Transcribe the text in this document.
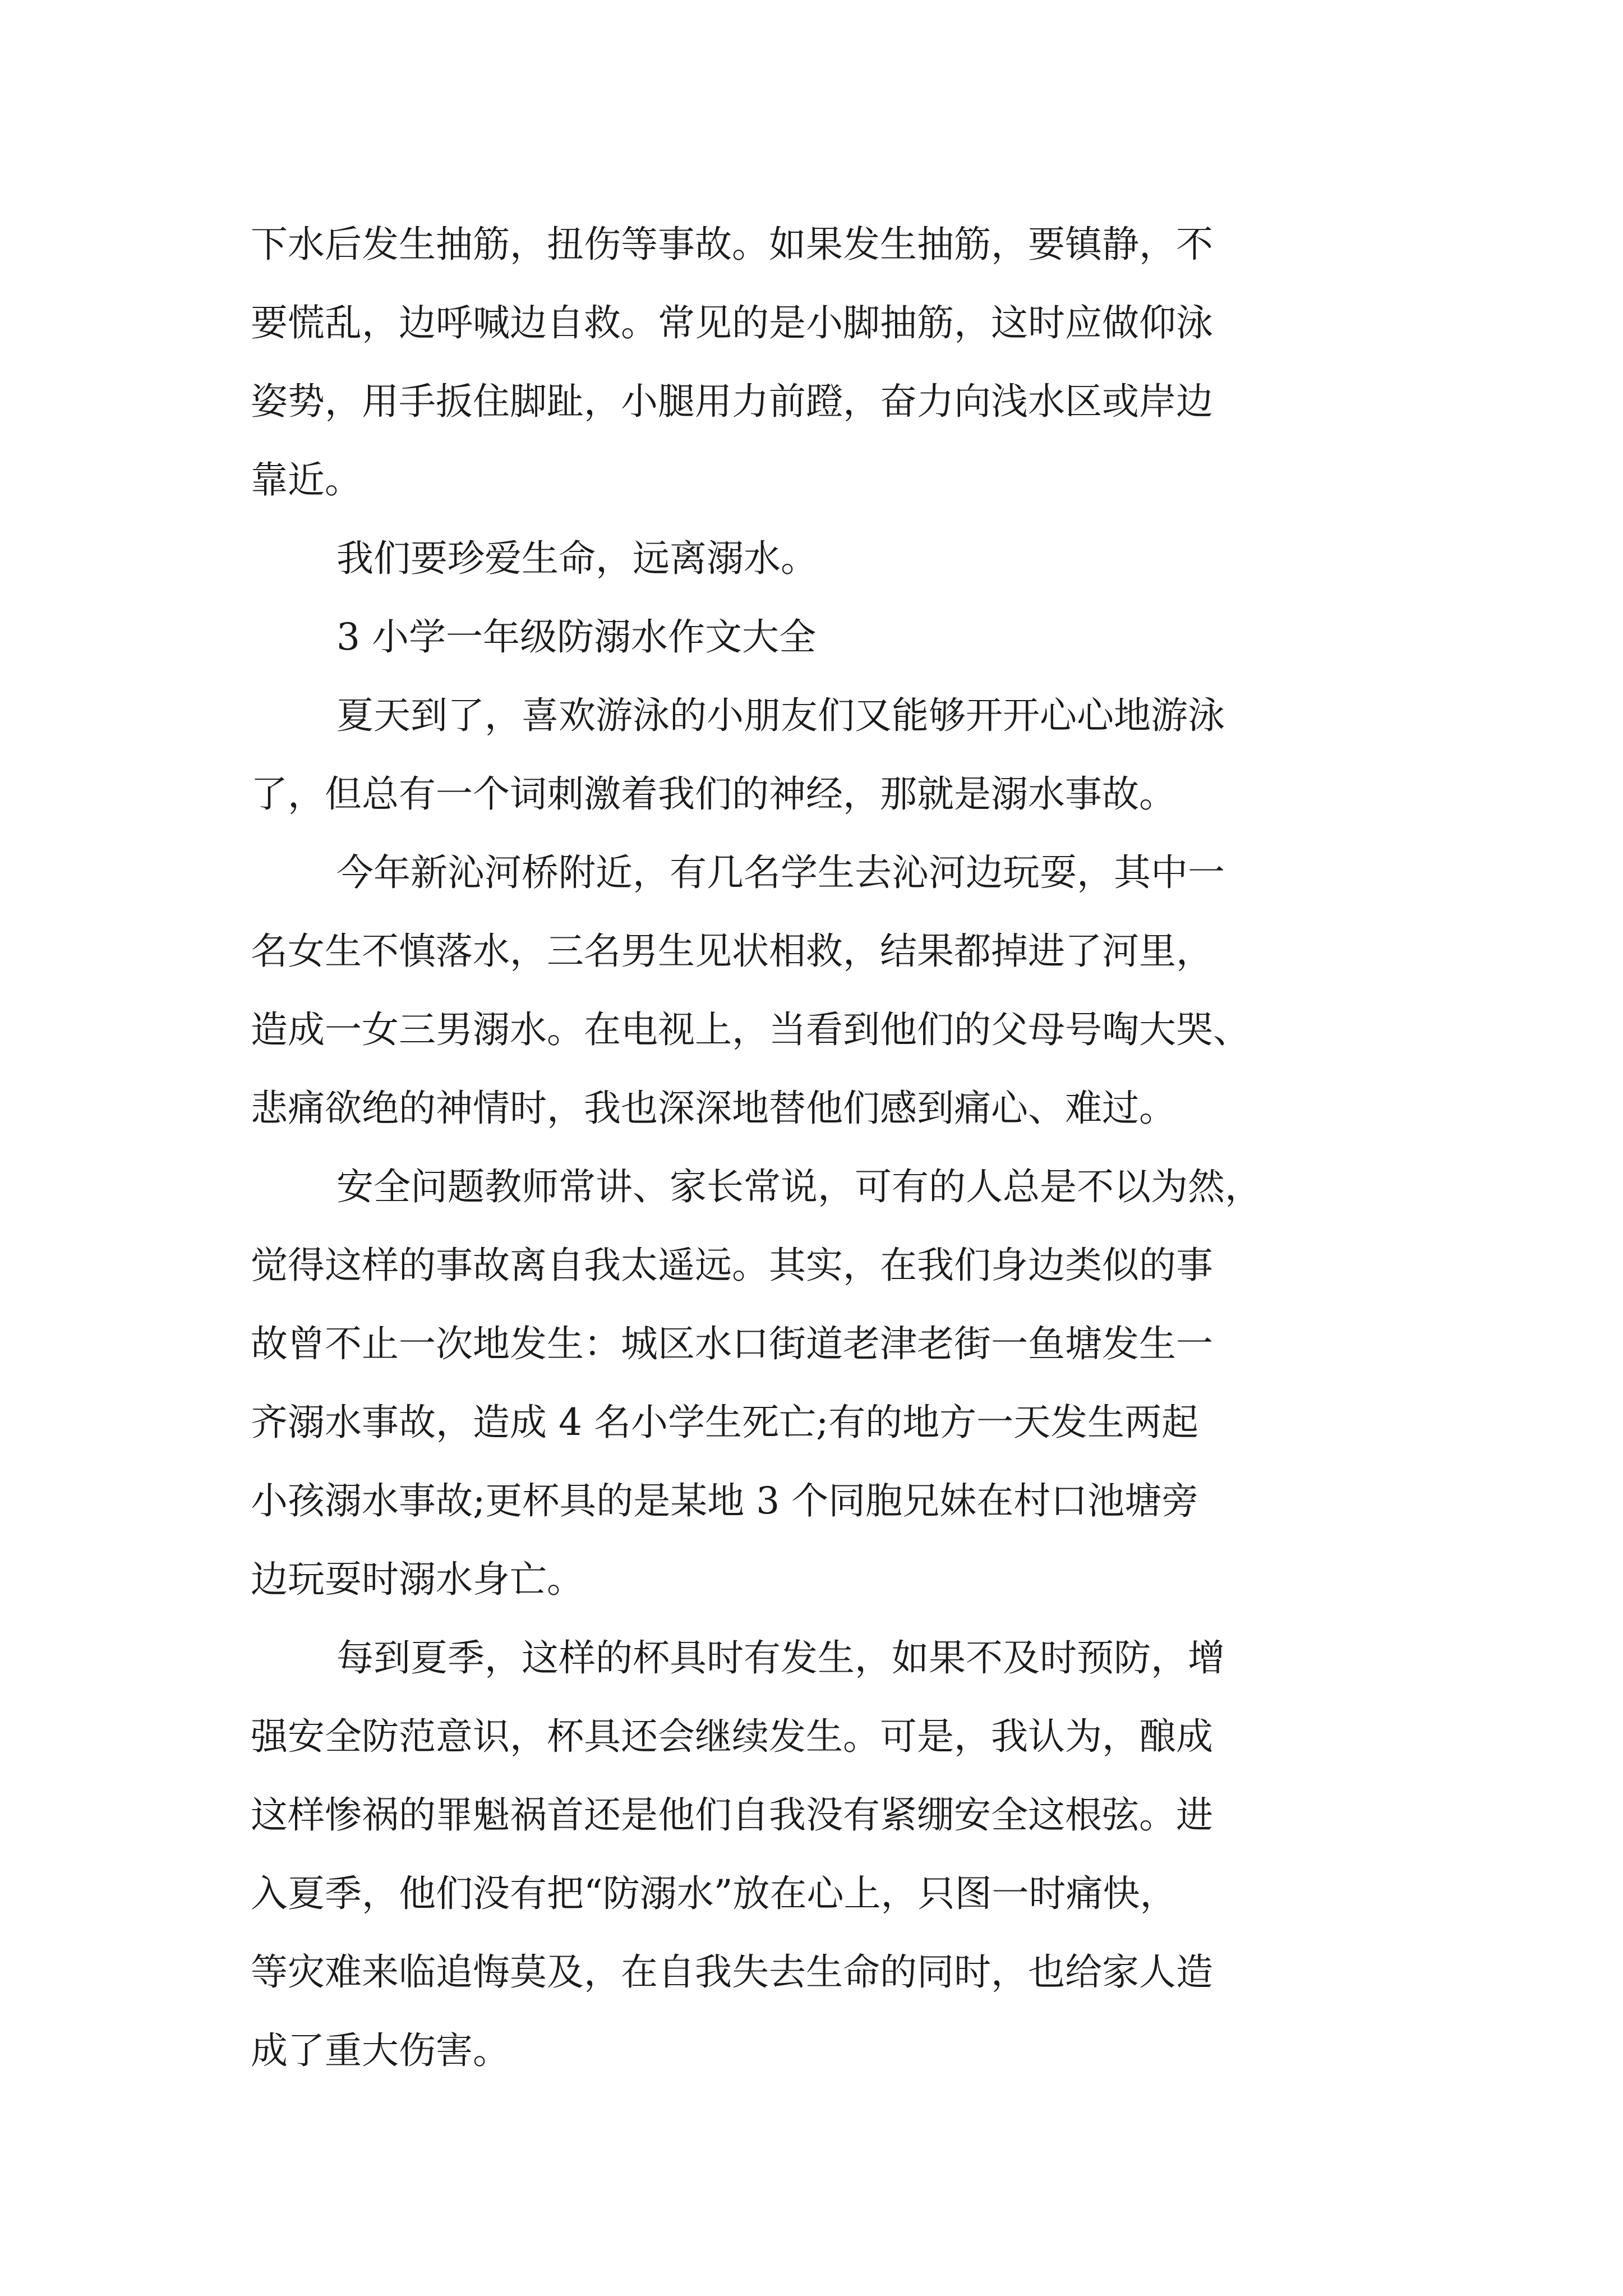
下水后发生抽筋，扭伤等事故。如果发生抽筋，要镇静，不
要慌乱，边呼喊边自救。常见的是小脚抽筋，这时应做仰泳
姿势，用手扳住脚趾，小腿用力前蹬，奋力向浅水区或岸边
靠近。
我们要珍爱生命，远离溺水。
3 小学一年级防溺水作文大全
夏天到了，喜欢游泳的小朋友们又能够开开心心地游泳
了，但总有一个词刺激着我们的神经，那就是溺水事故。
今年新沁河桥附近，有几名学生去沁河边玩耍，其中一
名女生不慎落水，三名男生见状相救，结果都掉进了河里，
造成一女三男溺水。在电视上，当看到他们的父母号啕大哭、
悲痛欲绝的神情时，我也深深地替他们感到痛心、难过。
安全问题教师常讲、家长常说，可有的人总是不以为然，
觉得这样的事故离自我太遥远。其实，在我们身边类似的事
故曾不止一次地发生：城区水口街道老津老街一鱼塘发生一
齐溺水事故，造成 4 名小学生死亡;有的地方一天发生两起
小孩溺水事故;更杯具的是某地 3 个同胞兄妹在村口池塘旁
边玩耍时溺水身亡。
每到夏季，这样的杯具时有发生，如果不及时预防，增
强安全防范意识，杯具还会继续发生。可是，我认为，酿成
这样惨祸的罪魁祸首还是他们自我没有紧绷安全这根弦。进
入夏季，他们没有把“防溺水”放在心上，只图一时痛快，
等灾难来临追悔莫及，在自我失去生命的同时，也给家人造
成了重大伤害。
